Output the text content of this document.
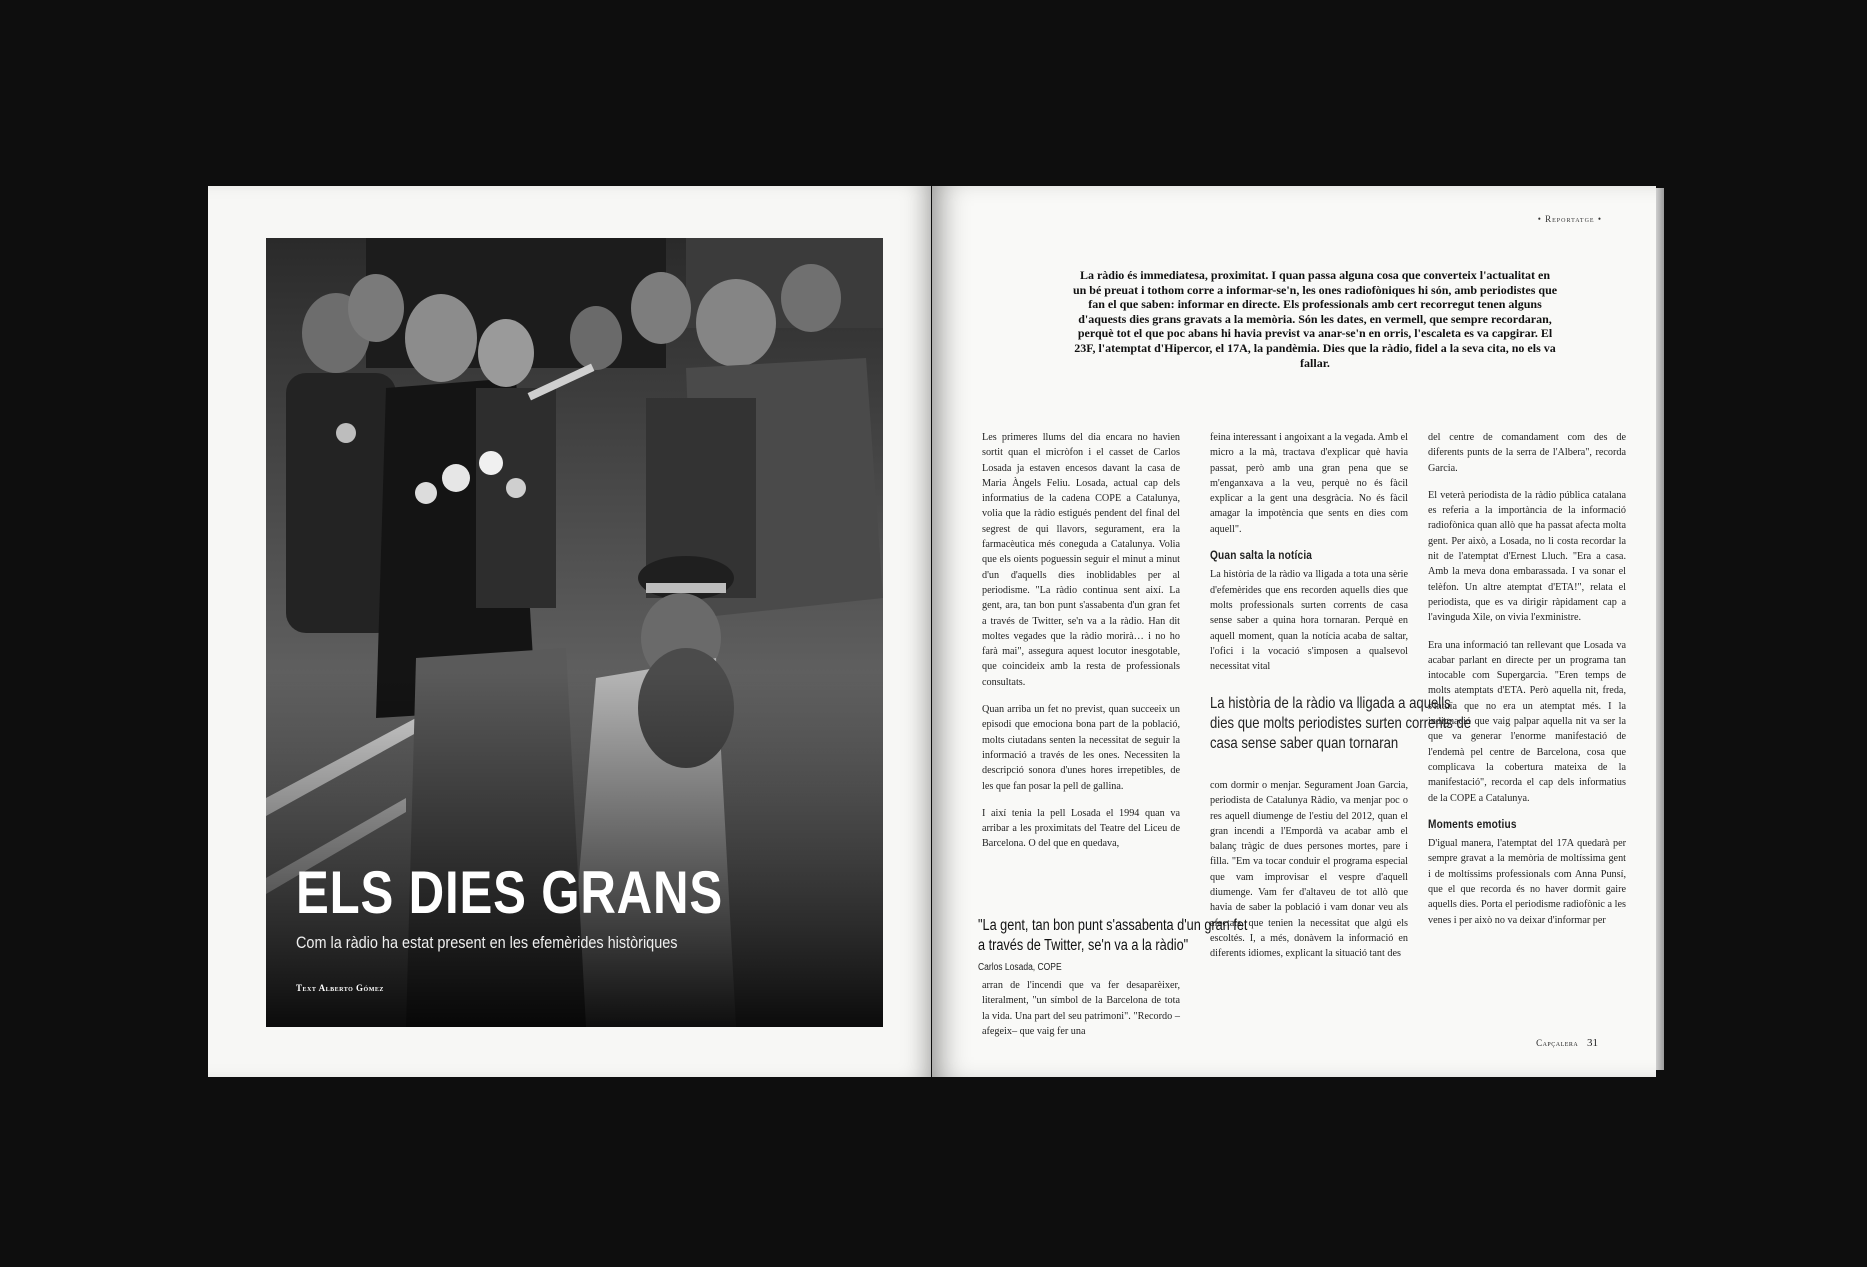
ELS DIES GRANS

Com la ràdio ha estat present en les efemèrides històriques

Text Alberto Gómez

• Reportatge •

La ràdio és immediatesa, proximitat. I quan passa alguna cosa que converteix l'actualitat en un bé preuat i tothom corre a informar-se'n, les ones radiofòniques hi són, amb periodistes que fan el que saben: informar en directe. Els professionals amb cert recorregut tenen alguns d'aquests dies grans gravats a la memòria. Són les dates, en vermell, que sempre recordaran, perquè tot el que poc abans hi havia previst va anar-se'n en orris, l'escaleta es va capgirar. El 23F, l'atemptat d'Hipercor, el 17A, la pandèmia. Dies que la ràdio, fidel a la seva cita, no els va fallar.

Les primeres llums del dia encara no havien sortit quan el micròfon i el casset de Carlos Losada ja estaven encesos davant la casa de Maria Àngels Feliu. Losada, actual cap dels informatius de la cadena COPE a Catalunya, volia que la ràdio estigués pendent del final del segrest de qui llavors, segurament, era la farmacèutica més coneguda a Catalunya. Volia que els oients poguessin seguir el minut a minut d'un d'aquells dies inoblidables per al periodisme. "La ràdio continua sent així. La gent, ara, tan bon punt s'assabenta d'un gran fet a través de Twitter, se'n va a la ràdio. Han dit moltes vegades que la ràdio morirà… i no ho farà mai", assegura aquest locutor inesgotable, que coincideix amb la resta de professionals consultats.

Quan arriba un fet no previst, quan succeeix un episodi que emociona bona part de la població, molts ciutadans senten la necessitat de seguir la informació a través de les ones. Necessiten la descripció sonora d'unes hores irrepetibles, de les que fan posar la pell de gallina.

I així tenia la pell Losada el 1994 quan va arribar a les proximitats del Teatre del Liceu de Barcelona. O del que en quedava,

arran de l'incendi que va fer desaparèixer, literalment, "un símbol de la Barcelona de tota la vida. Una part del seu patrimoni". "Recordo –afegeix– que vaig fer una

feina interessant i angoixant a la vegada. Amb el micro a la mà, tractava d'explicar què havia passat, però amb una gran pena que se m'enganxava a la veu, perquè no és fàcil explicar a la gent una desgràcia. No és fàcil amagar la impotència que sents en dies com aquell".

Quan salta la notícia

La història de la ràdio va lligada a tota una sèrie d'efemèrides que ens recorden aquells dies que molts professionals surten corrents de casa sense saber a quina hora tornaran. Perquè en aquell moment, quan la notícia acaba de saltar, l'ofici i la vocació s'imposen a qualsevol necessitat vital

La història de la ràdio va lligada a aquells dies que molts periodistes surten corrents de casa sense saber quan tornaran

com dormir o menjar. Segurament Joan Garcia, periodista de Catalunya Ràdio, va menjar poc o res aquell diumenge de l'estiu del 2012, quan el gran incendi a l'Empordà va acabar amb el balanç tràgic de dues persones mortes, pare i filla. "Em va tocar conduir el programa especial que vam improvisar el vespre d'aquell diumenge. Vam fer d'altaveu de tot allò que havia de saber la població i vam donar veu als afectats, que tenien la necessitat que algú els escoltés. I, a més, donàvem la informació en diferents idiomes, explicant la situació tant des

del centre de comandament com des de diferents punts de la serra de l'Albera", recorda Garcia.

El veterà periodista de la ràdio pública catalana es referia a la importància de la informació radiofònica quan allò que ha passat afecta molta gent. Per això, a Losada, no li costa recordar la nit de l'atemptat d'Ernest Lluch. "Era a casa. Amb la meva dona embarassada. I va sonar el telèfon. Un altre atemptat d'ETA!", relata el periodista, que es va dirigir ràpidament cap a l'avinguda Xile, on vivia l'exministre.

Era una informació tan rellevant que Losada va acabar parlant en directe per un programa tan intocable com Supergarcia. "Eren temps de molts atemptats d'ETA. Però aquella nit, freda, s'intuïa que no era un atemptat més. I la indignació que vaig palpar aquella nit va ser la que va generar l'enorme manifestació de l'endemà pel centre de Barcelona, cosa que complicava la cobertura mateixa de la manifestació", recorda el cap dels informatius de la COPE a Catalunya.

Moments emotius

D'igual manera, l'atemptat del 17A quedarà per sempre gravat a la memòria de moltíssima gent i de moltíssims professionals com Anna Punsí, que el que recorda és no haver dormit gaire aquells dies. Porta el periodisme radiofònic a les venes i per això no va deixar d'informar per

"La gent, tan bon punt s'assabenta d'un gran fet a través de Twitter, se'n va a la ràdio"

Carlos Losada, COPE

Capçalera 31
